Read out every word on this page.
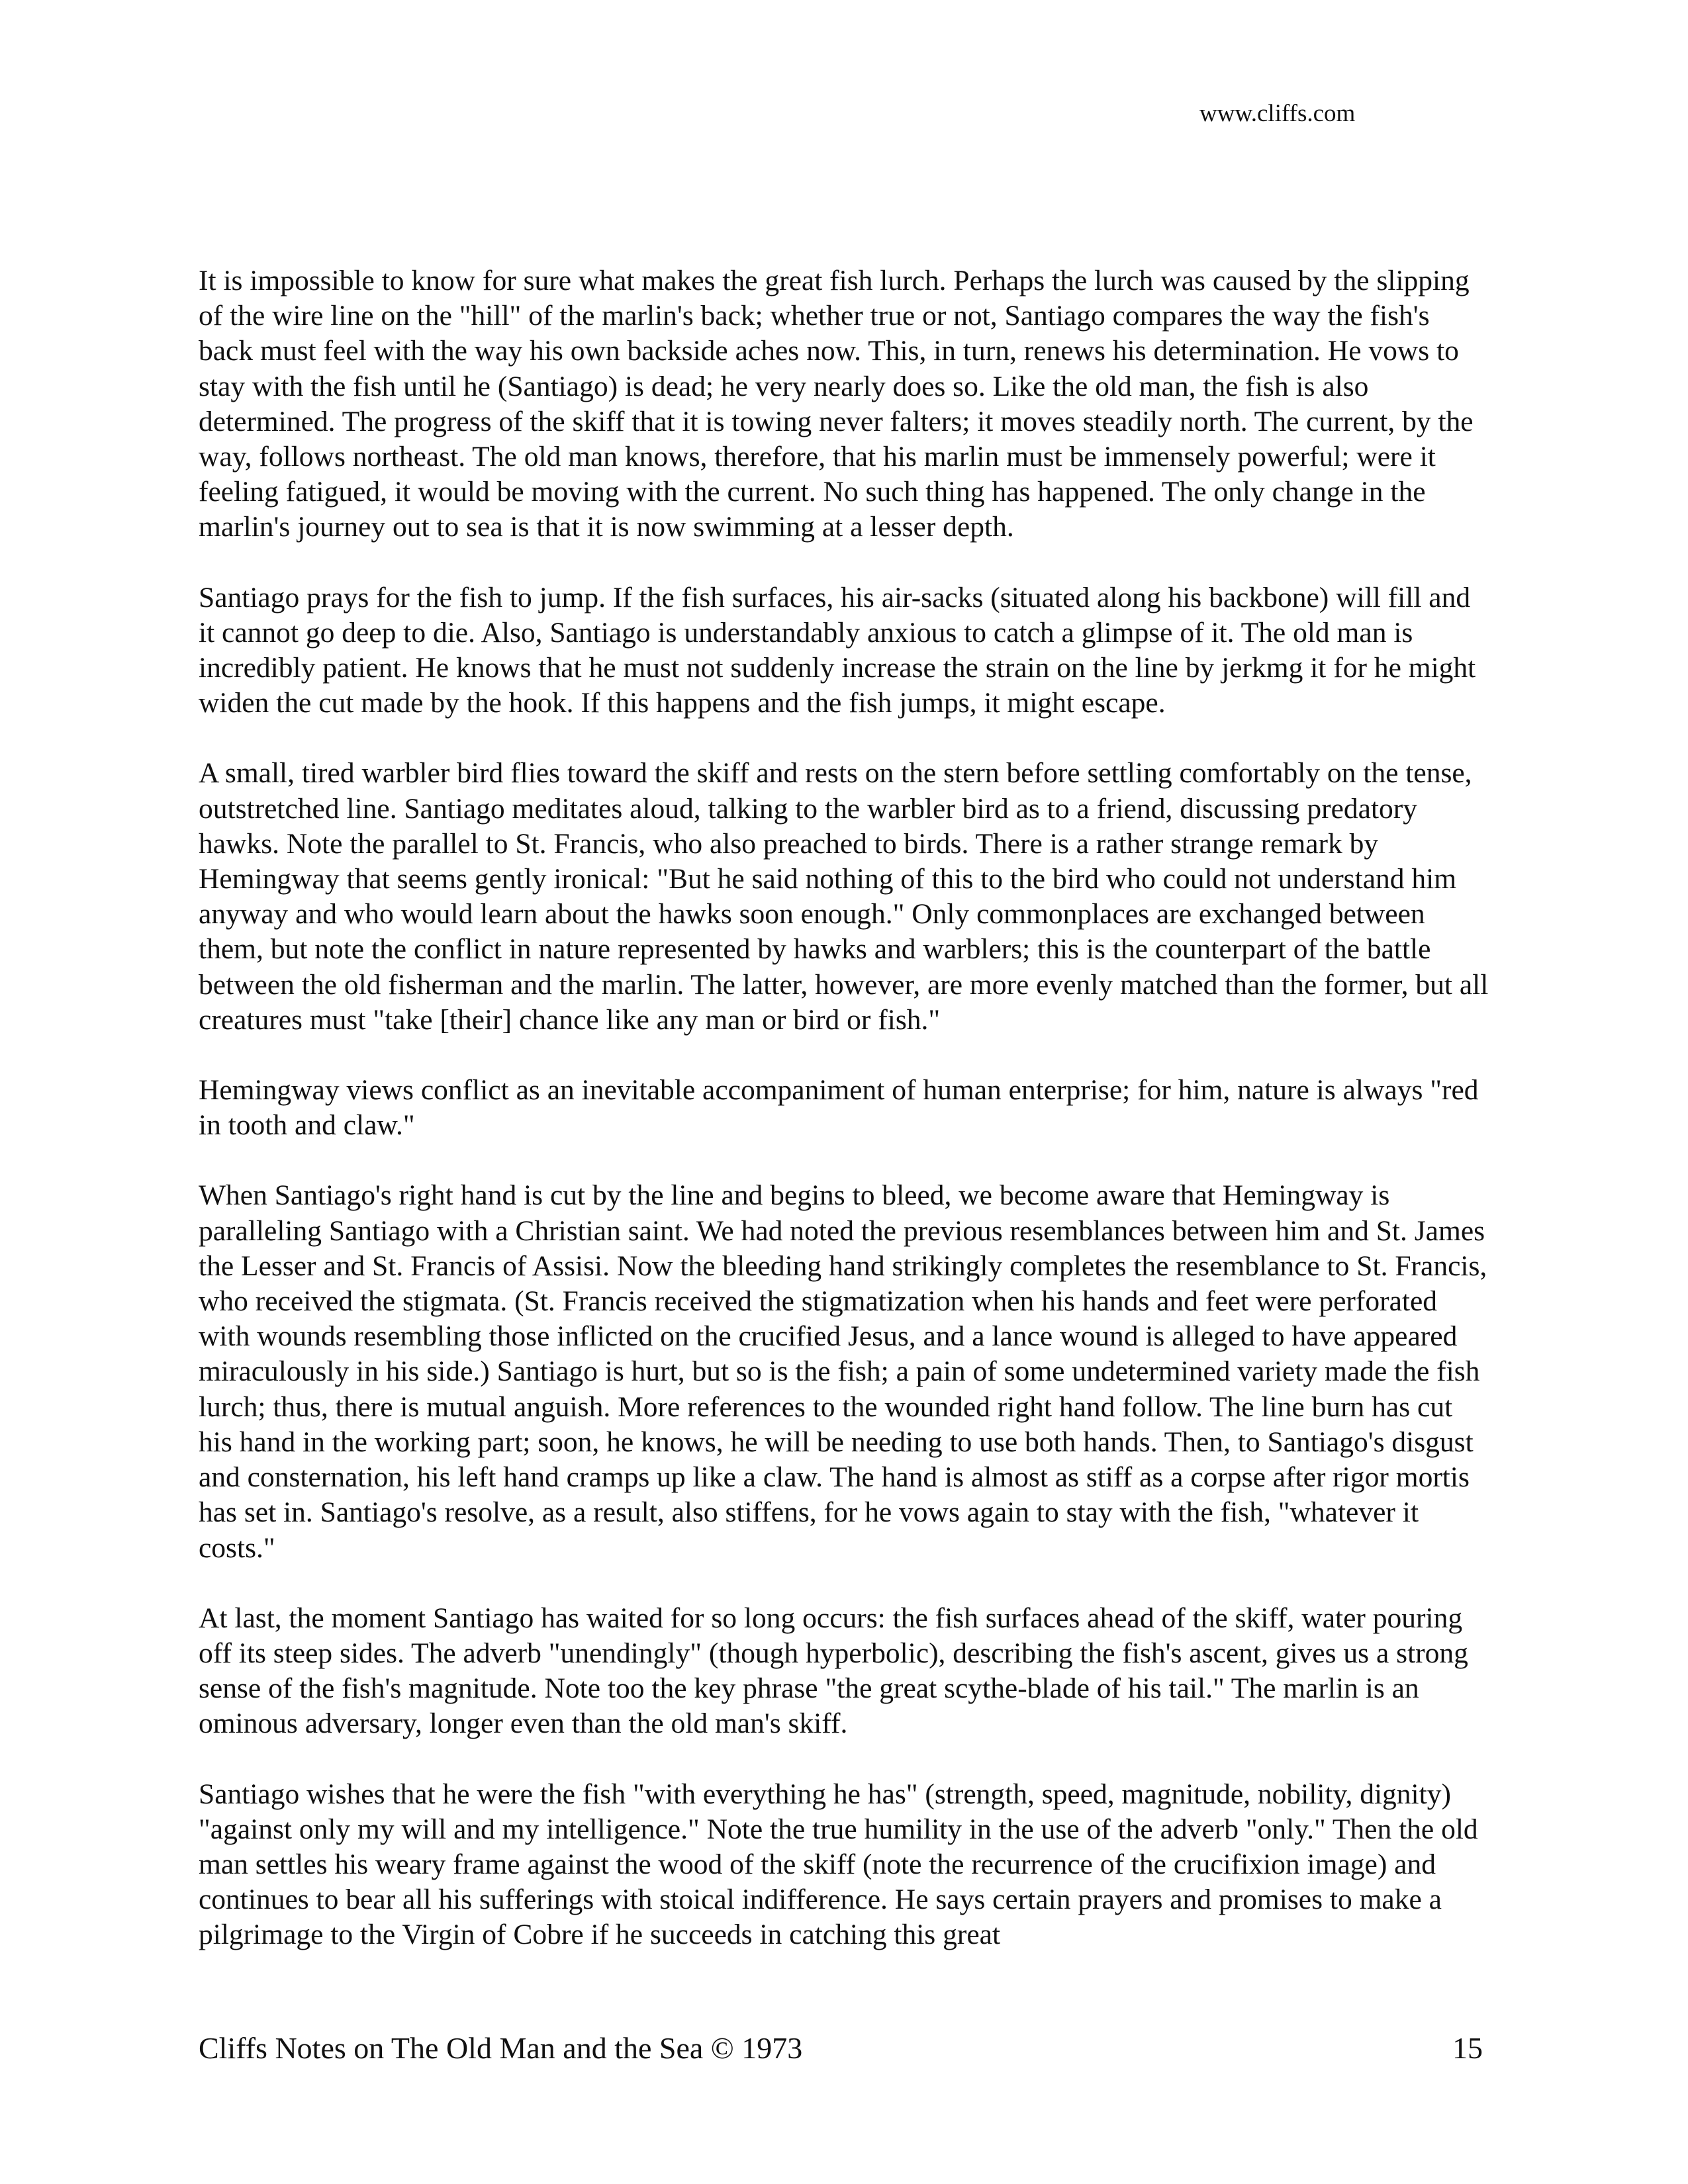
www.cliffs.com

It is impossible to know for sure what makes the great fish lurch. Perhaps the lurch was caused by the slipping of the wire line on the "hill" of the marlin's back; whether true or not, Santiago compares the way the fish's back must feel with the way his own backside aches now. This, in turn, renews his determination. He vows to stay with the fish until he (Santiago) is dead; he very nearly does so. Like the old man, the fish is also determined. The progress of the skiff that it is towing never falters; it moves steadily north. The current, by the way, follows northeast. The old man knows, therefore, that his marlin must be immensely powerful; were it feeling fatigued, it would be moving with the current. No such thing has happened. The only change in the marlin's journey out to sea is that it is now swimming at a lesser depth.

Santiago prays for the fish to jump. If the fish surfaces, his air-sacks (situated along his backbone) will fill and it cannot go deep to die. Also, Santiago is understandably anxious to catch a glimpse of it. The old man is incredibly patient. He knows that he must not suddenly increase the strain on the line by jerkmg it for he might widen the cut made by the hook. If this happens and the fish jumps, it might escape.

A small, tired warbler bird flies toward the skiff and rests on the stern before settling comfortably on the tense, outstretched line. Santiago meditates aloud, talking to the warbler bird as to a friend, discussing predatory hawks. Note the parallel to St. Francis, who also preached to birds. There is a rather strange remark by Hemingway that seems gently ironical: "But he said nothing of this to the bird who could not understand him anyway and who would learn about the hawks soon enough." Only commonplaces are exchanged between them, but note the conflict in nature represented by hawks and warblers; this is the counterpart of the battle between the old fisherman and the marlin. The latter, however, are more evenly matched than the former, but all creatures must "take [their] chance like any man or bird or fish."

Hemingway views conflict as an inevitable accompaniment of human enterprise; for him, nature is always "red in tooth and claw."

When Santiago's right hand is cut by the line and begins to bleed, we become aware that Hemingway is paralleling Santiago with a Christian saint. We had noted the previous resemblances between him and St. James the Lesser and St. Francis of Assisi. Now the bleeding hand strikingly completes the resemblance to St. Francis, who received the stigmata. (St. Francis received the stigmatization when his hands and feet were perforated with wounds resembling those inflicted on the crucified Jesus, and a lance wound is alleged to have appeared miraculously in his side.) Santiago is hurt, but so is the fish; a pain of some undetermined variety made the fish lurch; thus, there is mutual anguish. More references to the wounded right hand follow. The line burn has cut his hand in the working part; soon, he knows, he will be needing to use both hands. Then, to Santiago's disgust and consternation, his left hand cramps up like a claw. The hand is almost as stiff as a corpse after rigor mortis has set in. Santiago's resolve, as a result, also stiffens, for he vows again to stay with the fish, "whatever it costs."

At last, the moment Santiago has waited for so long occurs: the fish surfaces ahead of the skiff, water pouring off its steep sides. The adverb "unendingly" (though hyperbolic), describing the fish's ascent, gives us a strong sense of the fish's magnitude. Note too the key phrase "the great scythe-blade of his tail." The marlin is an ominous adversary, longer even than the old man's skiff.

Santiago wishes that he were the fish "with everything he has" (strength, speed, magnitude, nobility, dignity) "against only my will and my intelligence." Note the true humility in the use of the adverb "only." Then the old man settles his weary frame against the wood of the skiff (note the recurrence of the crucifixion image) and continues to bear all his sufferings with stoical indifference. He says certain prayers and promises to make a pilgrimage to the Virgin of Cobre if he succeeds in catching this great

Cliffs Notes on The Old Man and the Sea © 1973	15
